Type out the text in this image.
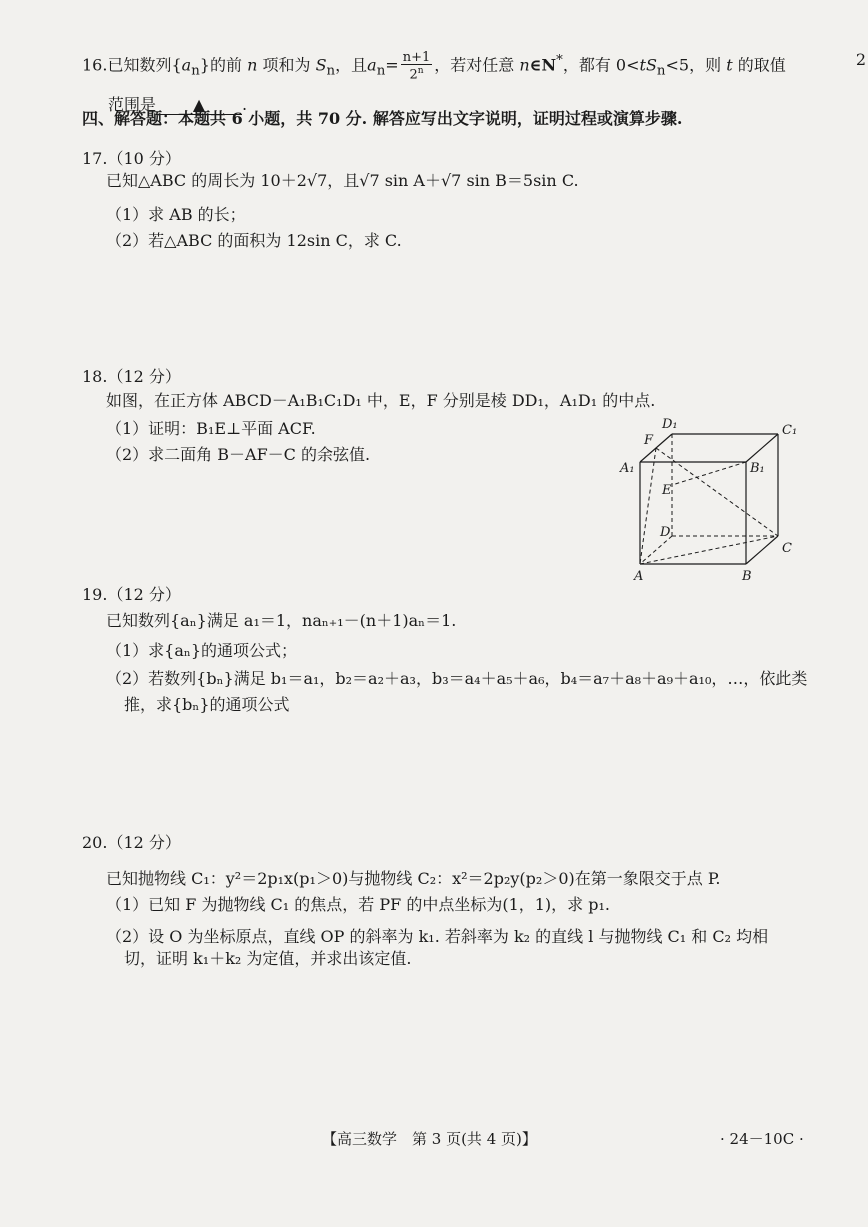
2
16.已知数列$\{a_n\}$的前 n 项和为 $S_n$，且$a_n= \frac{n+1}{2^n}$ ，若对任意 n∈N*，都有 $0<tS_n<5$，则 t 的取值
范围是 ▲ .
四、解答题：本题共 6 小题，共 70 分. 解答应写出文字说明，证明过程或演算步骤.
17.（10 分）
已知△ABC 的周长为 10＋2√7，且√7 sin A＋√7 sin B＝5sin C.
（1）求 AB 的长；
（2）若△ABC 的面积为 12sin C，求 C.
18.（12 分）
如图，在正方体 ABCD－A₁B₁C₁D₁ 中，E，F 分别是棱 DD₁，A₁D₁ 的中点.
（1）证明：B₁E⊥平面 ACF.
（2）求二面角 B－AF－C 的余弦值.
D₁	C₁
F
A₁	B₁
E
D
C
A	B
19.（12 分）
已知数列{aₙ}满足 a₁＝1，naₙ₊₁－(n＋1)aₙ＝1.
（1）求{aₙ}的通项公式；
（2）若数列{bₙ}满足 b₁＝a₁，b₂＝a₂＋a₃，b₃＝a₄＋a₅＋a₆，b₄＝a₇＋a₈＋a₉＋a₁₀，…，依此类
推，求{bₙ}的通项公式
20.（12 分）
已知抛物线 C₁：y²＝2p₁x(p₁＞0)与抛物线 C₂：x²＝2p₂y(p₂＞0)在第一象限交于点 P.
（1）已知 F 为抛物线 C₁ 的焦点，若 PF 的中点坐标为(1，1)，求 p₁.
（2）设 O 为坐标原点，直线 OP 的斜率为 k₁. 若斜率为 k₂ 的直线 l 与抛物线 C₁ 和 C₂ 均相
切，证明 k₁＋k₂ 为定值，并求出该定值.
【高三数学　第 3 页(共 4 页)】	· 24－10C ·
